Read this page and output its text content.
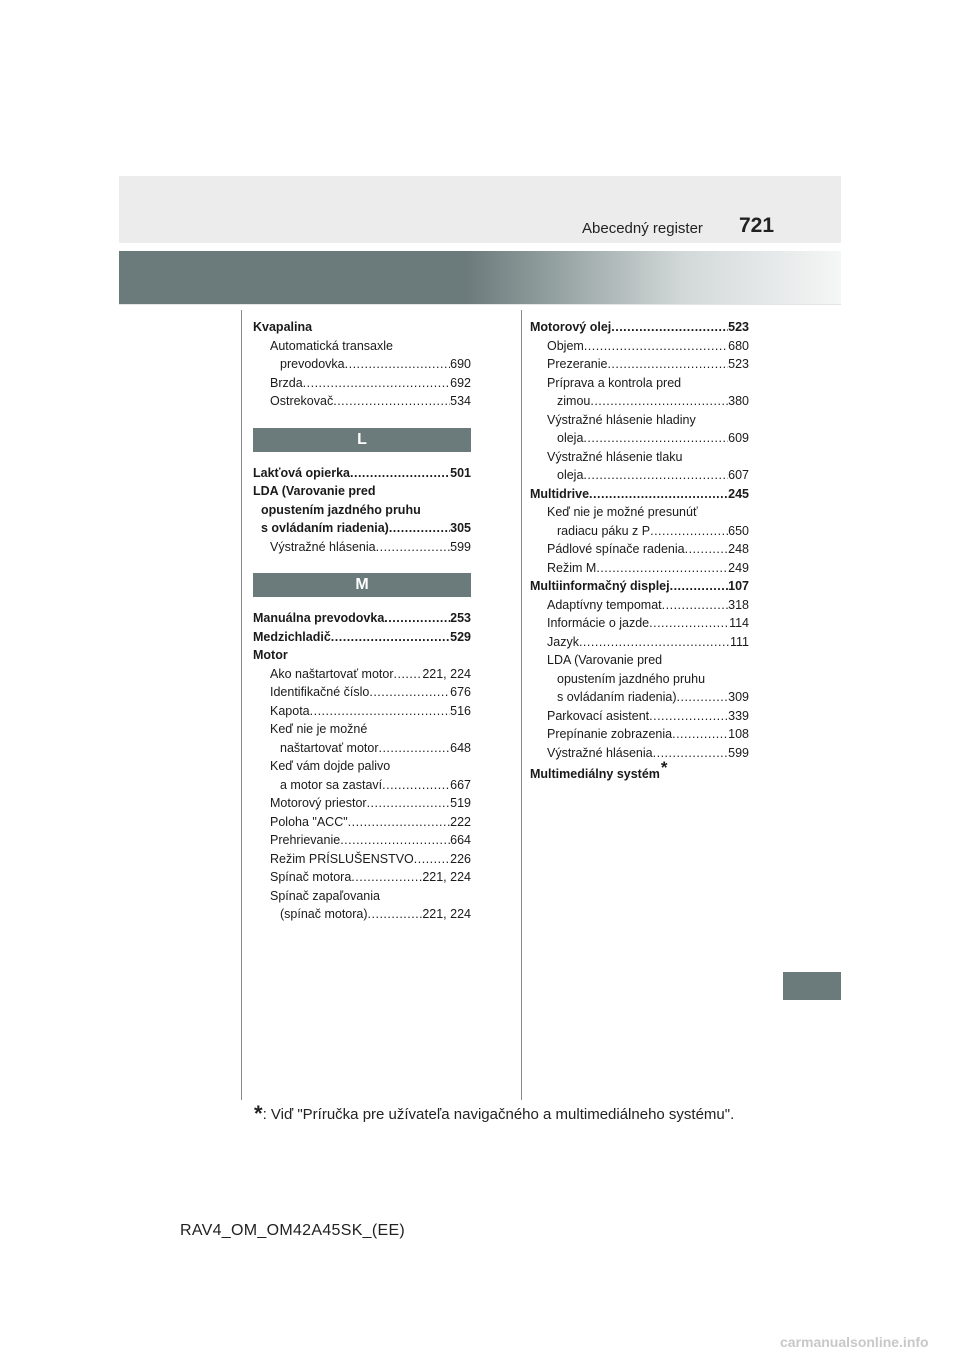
Abecedný register 721
Kvapalina
Automatická transaxle
prevodovka .....	690
Brzda .....	692
Ostrekovač .....	534
L
Lakťová opierka .....	501
LDA (Varovanie pred
opustením jazdného pruhu
s ovládaním riadenia) .....	305
Výstražné hlásenia .....	599
M
Manuálna prevodovka .....	253
Medzichladič .....	529
Motor
Ako naštartovať motor ..... 221, 224
Identifikačné číslo .....	676
Kapota .....	516
Keď nie je možné
naštartovať motor .....	648
Keď vám dojde palivo
a motor sa zastaví .....	667
Motorový priestor .....	519
Poloha "ACC" .....	222
Prehrievanie .....	664
Režim PRÍSLUŠENSTVO .....	226
Spínač motora .....	221, 224
Spínač zapaľovania
(spínač motora) .....	221, 224
Motorový olej .....	523
Objem .....	680
Prezeranie .....	523
Príprava a kontrola pred
zimou .....	380
Výstražné hlásenie hladiny
oleja .....	609
Výstražné hlásenie tlaku
oleja .....	607
Multidrive .....	245
Keď nie je možné presunúť
radiacu páku z P .....	650
Pádlové spínače radenia .....	248
Režim M .....	249
Multiinformačný displej .....	107
Adaptívny tempomat .....	318
Informácie o jazde .....	114
Jazyk .....	111
LDA (Varovanie pred
opustením jazdného pruhu
s ovládaním riadenia) .....	309
Parkovací asistent .....	339
Prepínanie zobrazenia .....	108
Výstražné hlásenia .....	599
Multimediálny systém*
*: Viď "Príručka pre užívateľa navigačného a multimediálneho systému".
RAV4_OM_OM42A45SK_(EE)
carmanualsonline.info
